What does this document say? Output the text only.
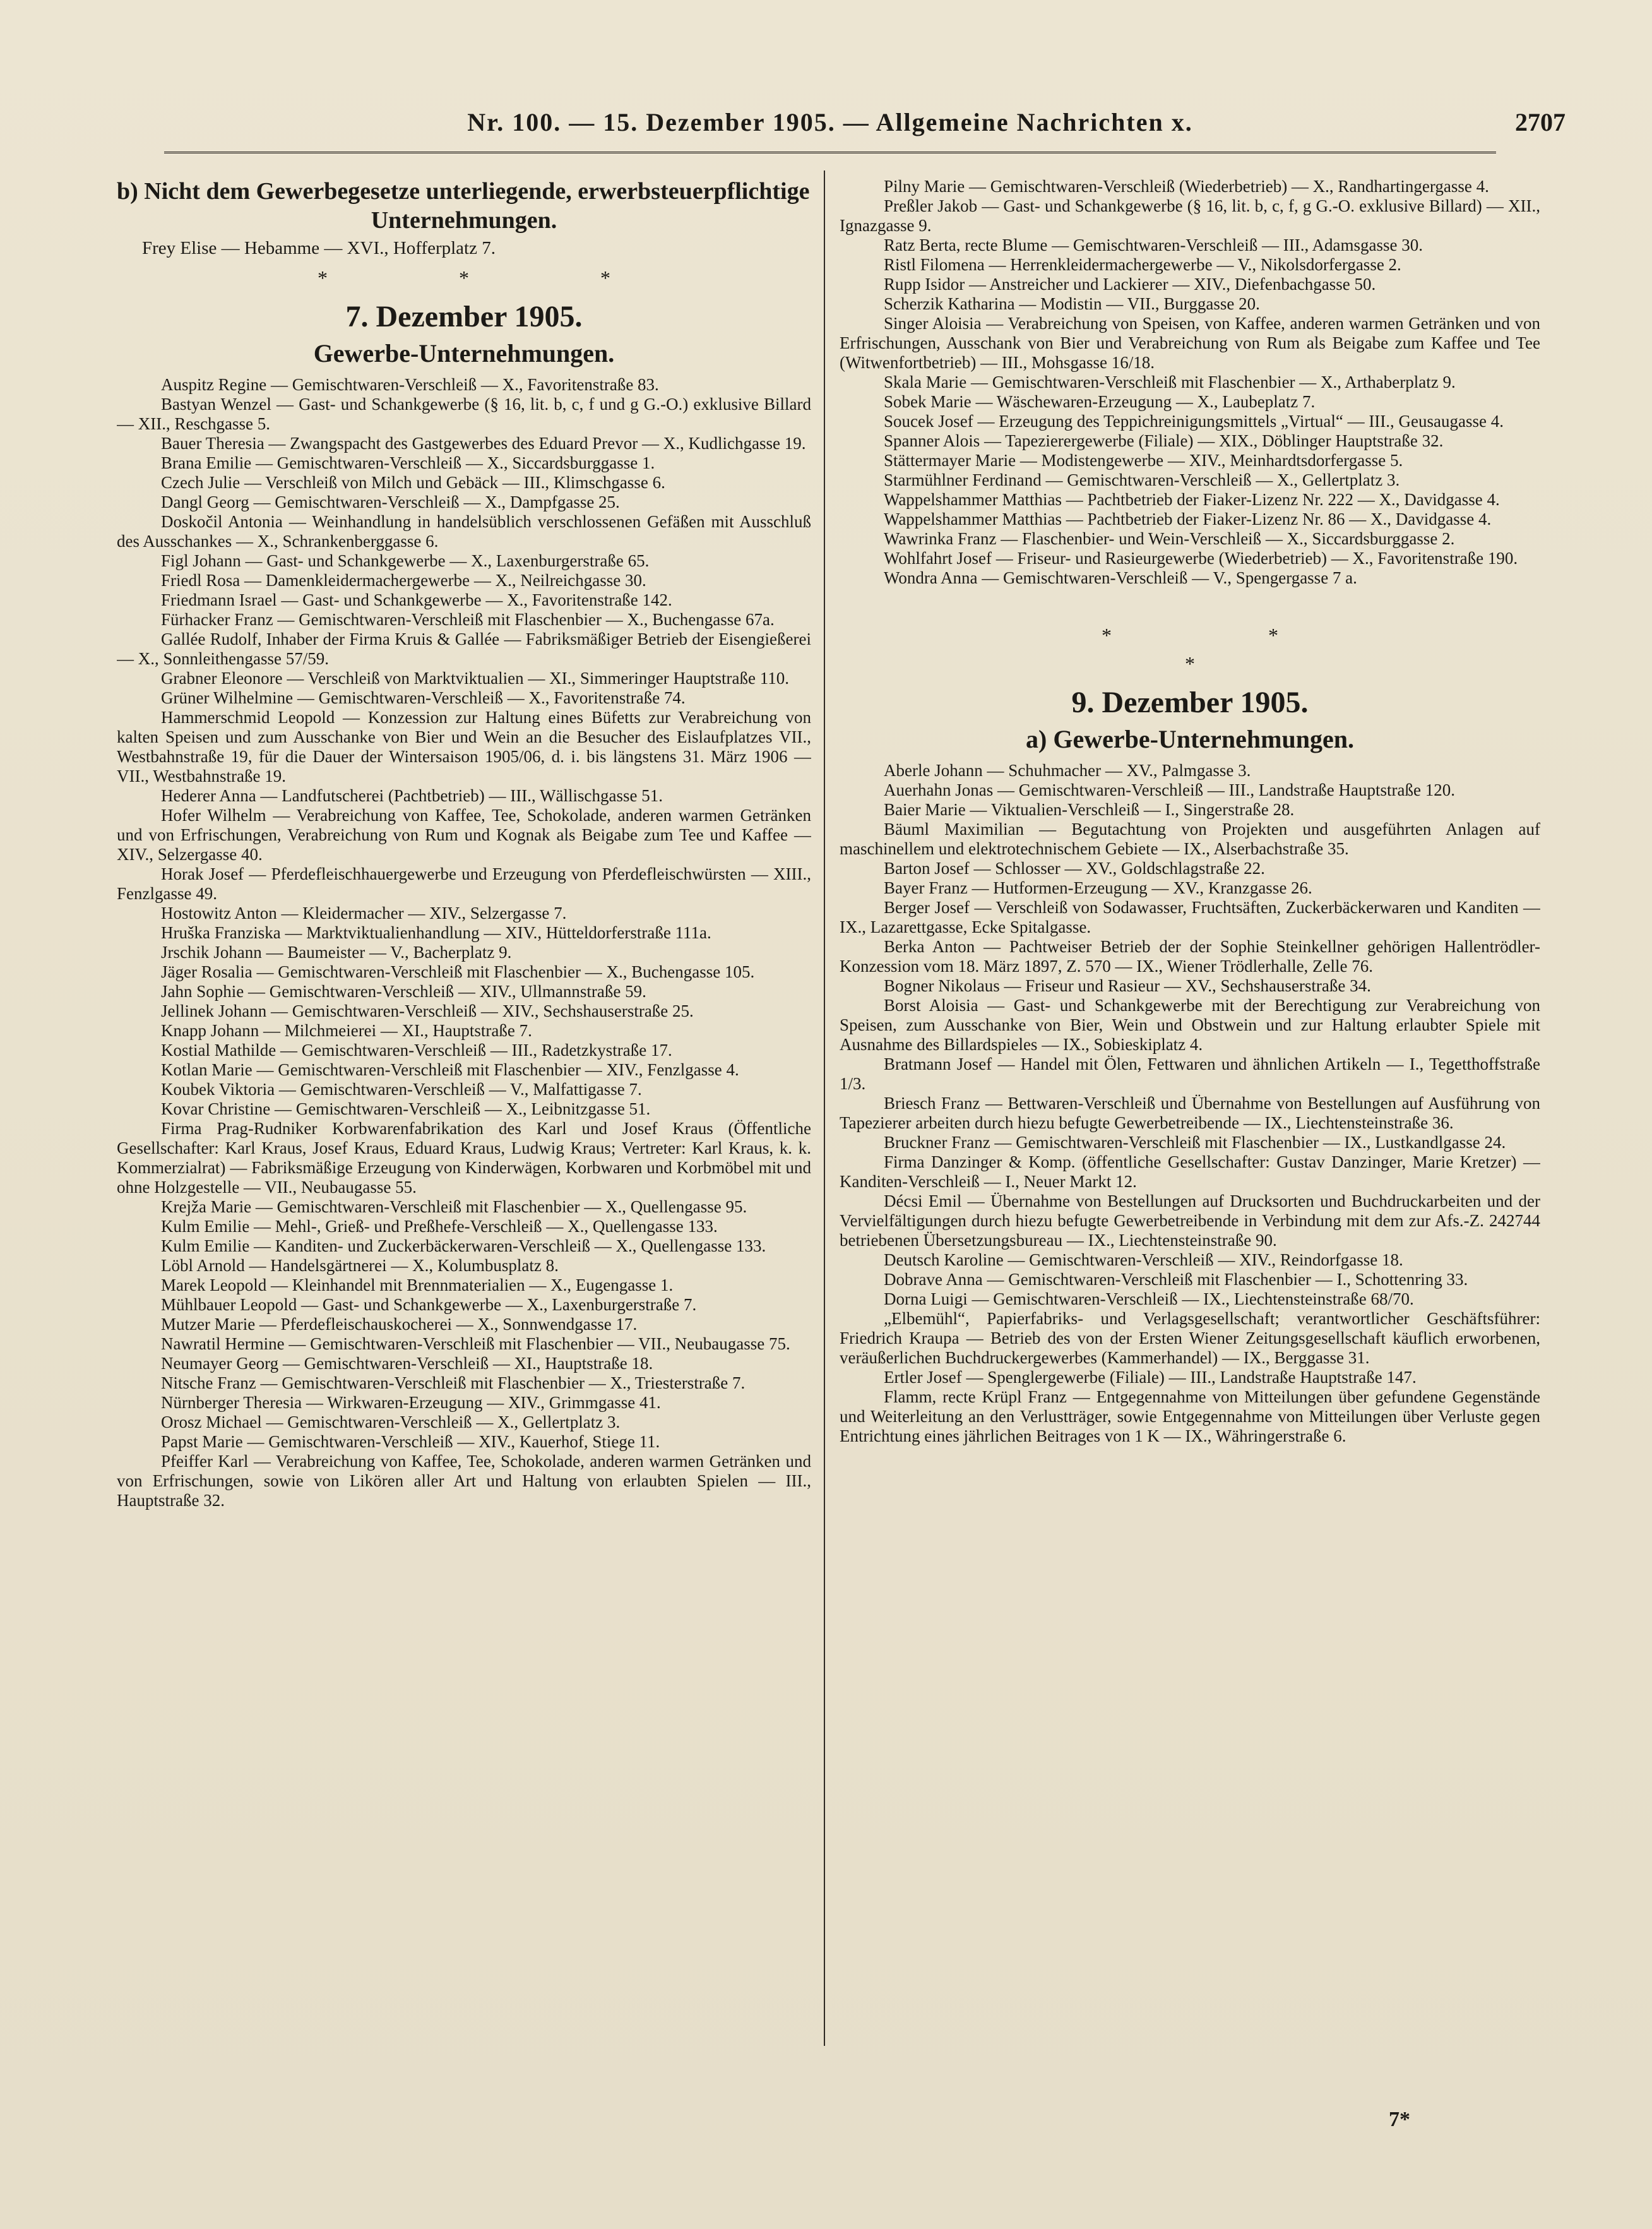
Nr. 100. — 15. Dezember 1905. — Allgemeine Nachrichten x.	2707
b) Nicht dem Gewerbegesetze unterliegende, erwerbsteuerpflichtige
Unternehmungen.

Frey Elise — Hebamme — XVI., Hofferplatz 7.

* * *
7. Dezember 1905.
Gewerbe-Unternehmungen.

Auspitz Regine — Gemischtwaren-Verschleiß — X., Favoritenstraße 83.

Bastyan Wenzel — Gast- und Schankgewerbe (§ 16, lit. b, c, f und g G.-O.) exklusive Billard — XII., Reschgasse 5.

Bauer Theresia — Zwangspacht des Gastgewerbes des Eduard Prevor — X., Kudlichgasse 19.

Brana Emilie — Gemischtwaren-Verschleiß — X., Siccardsburggasse 1.

Czech Julie — Verschleiß von Milch und Gebäck — III., Klimschgasse 6.

Dangl Georg — Gemischtwaren-Verschleiß — X., Dampfgasse 25.

Doskočil Antonia — Weinhandlung in handelsüblich verschlossenen Gefäßen mit Ausschluß des Ausschankes — X., Schrankenberggasse 6.

Figl Johann — Gast- und Schankgewerbe — X., Laxenburgerstraße 65.

Friedl Rosa — Damenkleidermachergewerbe — X., Neilreichgasse 30.

Friedmann Israel — Gast- und Schankgewerbe — X., Favoritenstraße 142.

Fürhacker Franz — Gemischtwaren-Verschleiß mit Flaschenbier — X., Buchengasse 67a.

Gallée Rudolf, Inhaber der Firma Kruis & Gallée — Fabriksmäßiger Betrieb der Eisengießerei — X., Sonnleithengasse 57/59.

Grabner Eleonore — Verschleiß von Marktviktualien — XI., Simmeringer Hauptstraße 110.

Grüner Wilhelmine — Gemischtwaren-Verschleiß — X., Favoritenstraße 74.

Hammerschmid Leopold — Konzession zur Haltung eines Büfetts zur Verabreichung von kalten Speisen und zum Ausschanke von Bier und Wein an die Besucher des Eislaufplatzes VII., Westbahnstraße 19, für die Dauer der Wintersaison 1905/06, d. i. bis längstens 31. März 1906 — VII., Westbahnstraße 19.

Hederer Anna — Landfutscherei (Pachtbetrieb) — III., Wällischgasse 51.

Hofer Wilhelm — Verabreichung von Kaffee, Tee, Schokolade, anderen warmen Getränken und von Erfrischungen, Verabreichung von Rum und Kognak als Beigabe zum Tee und Kaffee — XIV., Selzergasse 40.

Horak Josef — Pferdefleischhauergewerbe und Erzeugung von Pferdefleischwürsten — XIII., Fenzlgasse 49.

Hostowitz Anton — Kleidermacher — XIV., Selzergasse 7.

Hruška Franziska — Marktviktualienhandlung — XIV., Hütteldorferstraße 111a.

Jrschik Johann — Baumeister — V., Bacherplatz 9.

Jäger Rosalia — Gemischtwaren-Verschleiß mit Flaschenbier — X., Buchengasse 105.

Jahn Sophie — Gemischtwaren-Verschleiß — XIV., Ullmannstraße 59.

Jellinek Johann — Gemischtwaren-Verschleiß — XIV., Sechshauserstraße 25.

Knapp Johann — Milchmeierei — XI., Hauptstraße 7.

Kostial Mathilde — Gemischtwaren-Verschleiß — III., Radetzkystraße 17.

Kotlan Marie — Gemischtwaren-Verschleiß mit Flaschenbier — XIV., Fenzlgasse 4.

Koubek Viktoria — Gemischtwaren-Verschleiß — V., Malfattigasse 7.

Kovar Christine — Gemischtwaren-Verschleiß — X., Leibnitzgasse 51.

Firma Prag-Rudniker Korbwarenfabrikation des Karl und Josef Kraus (Öffentliche Gesellschafter: Karl Kraus, Josef Kraus, Eduard Kraus, Ludwig Kraus; Vertreter: Karl Kraus, k. k. Kommerzialrat) — Fabriksmäßige Erzeugung von Kinderwägen, Korbwaren und Korbmöbel mit und ohne Holzgestelle — VII., Neubaugasse 55.

Krejža Marie — Gemischtwaren-Verschleiß mit Flaschenbier — X., Quellengasse 95.

Kulm Emilie — Mehl-, Grieß- und Preßhefe-Verschleiß — X., Quellengasse 133.

Kulm Emilie — Kanditen- und Zuckerbäckerwaren-Verschleiß — X., Quellengasse 133.

Löbl Arnold — Handelsgärtnerei — X., Kolumbusplatz 8.

Marek Leopold — Kleinhandel mit Brennmaterialien — X., Eugengasse 1.

Mühlbauer Leopold — Gast- und Schankgewerbe — X., Laxenburgerstraße 7.

Mutzer Marie — Pferdefleischauskocherei — X., Sonnwendgasse 17.

Nawratil Hermine — Gemischtwaren-Verschleiß mit Flaschenbier — VII., Neubaugasse 75.

Neumayer Georg — Gemischtwaren-Verschleiß — XI., Hauptstraße 18.

Nitsche Franz — Gemischtwaren-Verschleiß mit Flaschenbier — X., Triesterstraße 7.

Nürnberger Theresia — Wirkwaren-Erzeugung — XIV., Grimmgasse 41.

Orosz Michael — Gemischtwaren-Verschleiß — X., Gellertplatz 3.

Papst Marie — Gemischtwaren-Verschleiß — XIV., Kauerhof, Stiege 11.

Pfeiffer Karl — Verabreichung von Kaffee, Tee, Schokolade, anderen warmen Getränken und von Erfrischungen, sowie von Likören aller Art und Haltung von erlaubten Spielen — III., Hauptstraße 32.

Pilny Marie — Gemischtwaren-Verschleiß (Wiederbetrieb) — X., Randhartingergasse 4.

Preßler Jakob — Gast- und Schankgewerbe (§ 16, lit. b, c, f, g G.-O. exklusive Billard) — XII., Ignazgasse 9.

Ratz Berta, recte Blume — Gemischtwaren-Verschleiß — III., Adamsgasse 30.

Ristl Filomena — Herrenkleidermachergewerbe — V., Nikolsdorfergasse 2.

Rupp Isidor — Anstreicher und Lackierer — XIV., Diefenbachgasse 50.

Scherzik Katharina — Modistin — VII., Burggasse 20.

Singer Aloisia — Verabreichung von Speisen, von Kaffee, anderen warmen Getränken und von Erfrischungen, Ausschank von Bier und Verabreichung von Rum als Beigabe zum Kaffee und Tee (Witwenfortbetrieb) — III., Mohsgasse 16/18.

Skala Marie — Gemischtwaren-Verschleiß mit Flaschenbier — X., Arthaberplatz 9.

Sobek Marie — Wäschewaren-Erzeugung — X., Laubeplatz 7.

Soucek Josef — Erzeugung des Teppichreinigungsmittels „Virtual“ — III., Geusaugasse 4.

Spanner Alois — Tapezierergewerbe (Filiale) — XIX., Döblinger Hauptstraße 32.

Stättermayer Marie — Modistengewerbe — XIV., Meinhardtsdorfergasse 5.

Starmühlner Ferdinand — Gemischtwaren-Verschleiß — X., Gellertplatz 3.

Wappelshammer Matthias — Pachtbetrieb der Fiaker-Lizenz Nr. 222 — X., Davidgasse 4.

Wappelshammer Matthias — Pachtbetrieb der Fiaker-Lizenz Nr. 86 — X., Davidgasse 4.

Wawrinka Franz — Flaschenbier- und Wein-Verschleiß — X., Siccardsburggasse 2.

Wohlfahrt Josef — Friseur- und Rasieurgewerbe (Wiederbetrieb) — X., Favoritenstraße 190.

Wondra Anna — Gemischtwaren-Verschleiß — V., Spengergasse 7 a.

* *
*
9. Dezember 1905.
a) Gewerbe-Unternehmungen.

Aberle Johann — Schuhmacher — XV., Palmgasse 3.

Auerhahn Jonas — Gemischtwaren-Verschleiß — III., Landstraße Hauptstraße 120.

Baier Marie — Viktualien-Verschleiß — I., Singerstraße 28.

Bäuml Maximilian — Begutachtung von Projekten und ausgeführten Anlagen auf maschinellem und elektrotechnischem Gebiete — IX., Alserbachstraße 35.

Barton Josef — Schlosser — XV., Goldschlagstraße 22.

Bayer Franz — Hutformen-Erzeugung — XV., Kranzgasse 26.

Berger Josef — Verschleiß von Sodawasser, Fruchtsäften, Zuckerbäckerwaren und Kanditen — IX., Lazarettgasse, Ecke Spitalgasse.

Berka Anton — Pachtweiser Betrieb der der Sophie Steinkellner gehörigen Hallentrödler-Konzession vom 18. März 1897, Z. 570 — IX., Wiener Trödlerhalle, Zelle 76.

Bogner Nikolaus — Friseur und Rasieur — XV., Sechshauserstraße 34.

Borst Aloisia — Gast- und Schankgewerbe mit der Berechtigung zur Verabreichung von Speisen, zum Ausschanke von Bier, Wein und Obstwein und zur Haltung erlaubter Spiele mit Ausnahme des Billardspieles — IX., Sobieskiplatz 4.

Bratmann Josef — Handel mit Ölen, Fettwaren und ähnlichen Artikeln — I., Tegetthoffstraße 1/3.

Briesch Franz — Bettwaren-Verschleiß und Übernahme von Bestellungen auf Ausführung von Tapezierer arbeiten durch hiezu befugte Gewerbetreibende — IX., Liechtensteinstraße 36.

Bruckner Franz — Gemischtwaren-Verschleiß mit Flaschenbier — IX., Lustkandlgasse 24.

Firma Danzinger & Komp. (öffentliche Gesellschafter: Gustav Danzinger, Marie Kretzer) — Kanditen-Verschleiß — I., Neuer Markt 12.

Décsi Emil — Übernahme von Bestellungen auf Drucksorten und Buchdruckarbeiten und der Vervielfältigungen durch hiezu befugte Gewerbetreibende in Verbindung mit dem zur Afs.-Z. 242744 betriebenen Übersetzungsbureau — IX., Liechtensteinstraße 90.

Deutsch Karoline — Gemischtwaren-Verschleiß — XIV., Reindorfgasse 18.

Dobrave Anna — Gemischtwaren-Verschleiß mit Flaschenbier — I., Schottenring 33.

Dorna Luigi — Gemischtwaren-Verschleiß — IX., Liechtensteinstraße 68/70.

„Elbemühl“, Papierfabriks- und Verlagsgesellschaft; verantwortlicher Geschäftsführer: Friedrich Kraupa — Betrieb des von der Ersten Wiener Zeitungsgesellschaft käuflich erworbenen, veräußerlichen Buchdruckergewerbes (Kammerhandel) — IX., Berggasse 31.

Ertler Josef — Spenglergewerbe (Filiale) — III., Landstraße Hauptstraße 147.

Flamm, recte Krüpl Franz — Entgegennahme von Mitteilungen über gefundene Gegenstände und Weiterleitung an den Verlustträger, sowie Entgegennahme von Mitteilungen über Verluste gegen Entrichtung eines jährlichen Beitrages von 1 K — IX., Währingerstraße 6.

7*
